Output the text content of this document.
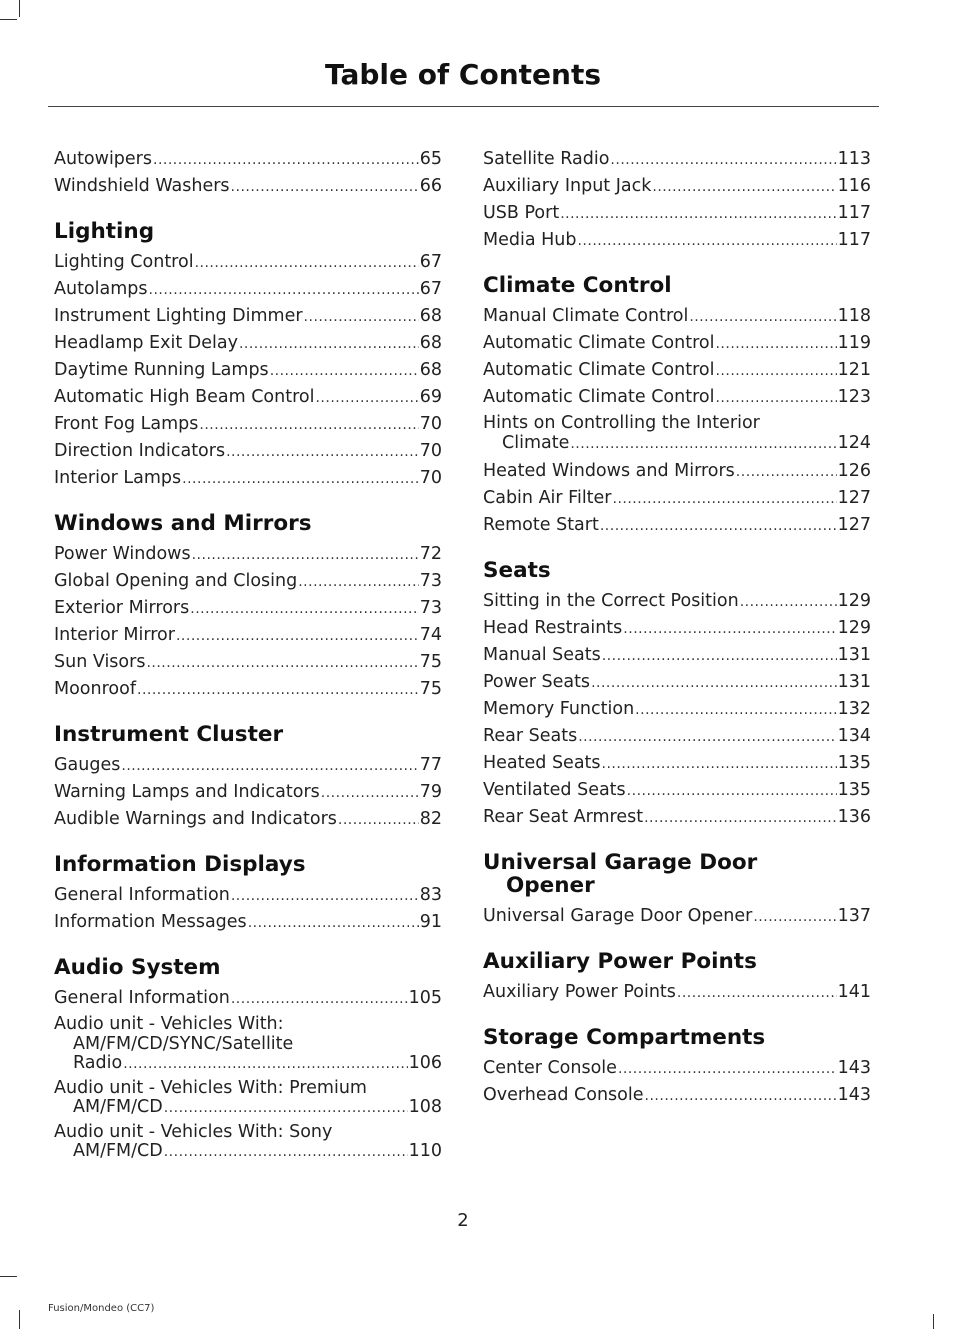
Table of Contents
Autowipers .....	65
Windshield Washers .....	66
Lighting
Lighting Control .....	67
Autolamps .....	67
Instrument Lighting Dimmer .....	68
Headlamp Exit Delay .....	68
Daytime Running Lamps .....	68
Automatic High Beam Control .....	69
Front Fog Lamps .....	70
Direction Indicators .....	70
Interior Lamps .....	70
Windows and Mirrors
Power Windows .....	72
Global Opening and Closing .....	73
Exterior Mirrors .....	73
Interior Mirror .....	74
Sun Visors .....	75
Moonroof .....	75
Instrument Cluster
Gauges .....	77
Warning Lamps and Indicators .....	79
Audible Warnings and Indicators .....	82
Information Displays
General Information .....	83
Information Messages .....	91
Audio System
General Information .....	105
Audio unit - Vehicles With:
AM/FM/CD/SYNC/Satellite
Radio .....	106
Audio unit - Vehicles With: Premium
AM/FM/CD .....	108
Audio unit - Vehicles With: Sony
AM/FM/CD .....	110
Satellite Radio .....	113
Auxiliary Input Jack .....	116
USB Port .....	117
Media Hub .....	117
Climate Control
Manual Climate Control .....	118
Automatic Climate Control .....	119
Automatic Climate Control .....	121
Automatic Climate Control .....	123
Hints on Controlling the Interior
Climate .....	124
Heated Windows and Mirrors .....	126
Cabin Air Filter .....	127
Remote Start .....	127
Seats
Sitting in the Correct Position .....	129
Head Restraints .....	129
Manual Seats .....	131
Power Seats .....	131
Memory Function .....	132
Rear Seats .....	134
Heated Seats .....	135
Ventilated Seats .....	135
Rear Seat Armrest .....	136
Universal Garage Door
Opener
Universal Garage Door Opener .....	137
Auxiliary Power Points
Auxiliary Power Points .....	141
Storage Compartments
Center Console .....	143
Overhead Console .....	143
2
Fusion/Mondeo (CC7)
